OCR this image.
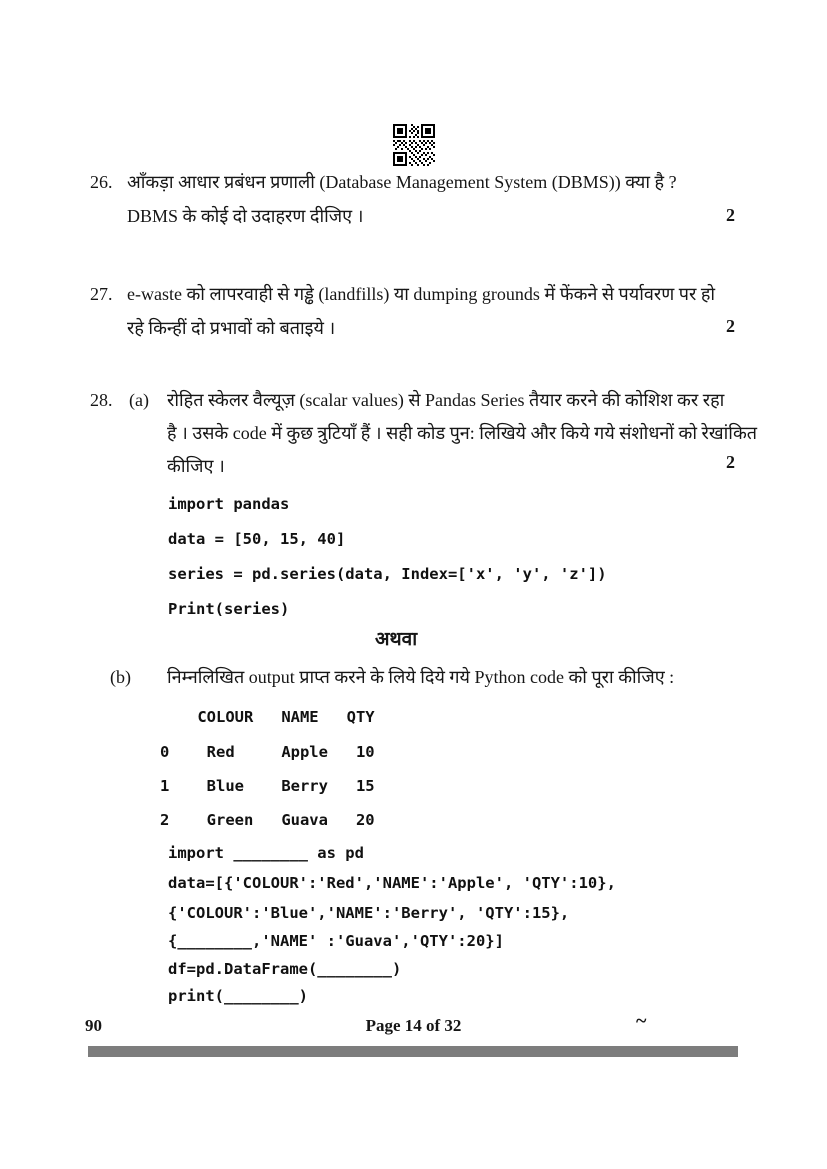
26. आँकड़ा आधार प्रबंधन प्रणाली (Database Management System (DBMS)) क्या है ?
DBMS के कोई दो उदाहरण दीजिए ।	2
27. e-waste को लापरवाही से गड्ढे (landfills) या dumping grounds में फेंकने से पर्यावरण पर हो
रहे किन्हीं दो प्रभावों को बताइये ।	2
28. (a) रोहित स्केलर वैल्यूज़ (scalar values) से Pandas Series तैयार करने की कोशिश कर रहा
है । उसके code में कुछ त्रुटियाँ हैं । सही कोड पुन: लिखिये और किये गये संशोधनों को रेखांकित
कीजिए ।	2
import pandas
data = [50, 15, 40]
series = pd.series(data, Index=['x', 'y', 'z'])
Print(series)
अथवा
(b) निम्नलिखित output प्राप्त करने के लिये दिये गये Python code को पूरा कीजिए :
COLOUR   NAME   QTY
0    Red     Apple   10
1    Blue    Berry   15
2    Green   Guava   20
import ________ as pd
data=[{'COLOUR':'Red','NAME':'Apple', 'QTY':10},
{'COLOUR':'Blue','NAME':'Berry', 'QTY':15},
{________,'NAME' :'Guava','QTY':20}]
df=pd.DataFrame(________)
print(________)
90	Page 14 of 32	~
